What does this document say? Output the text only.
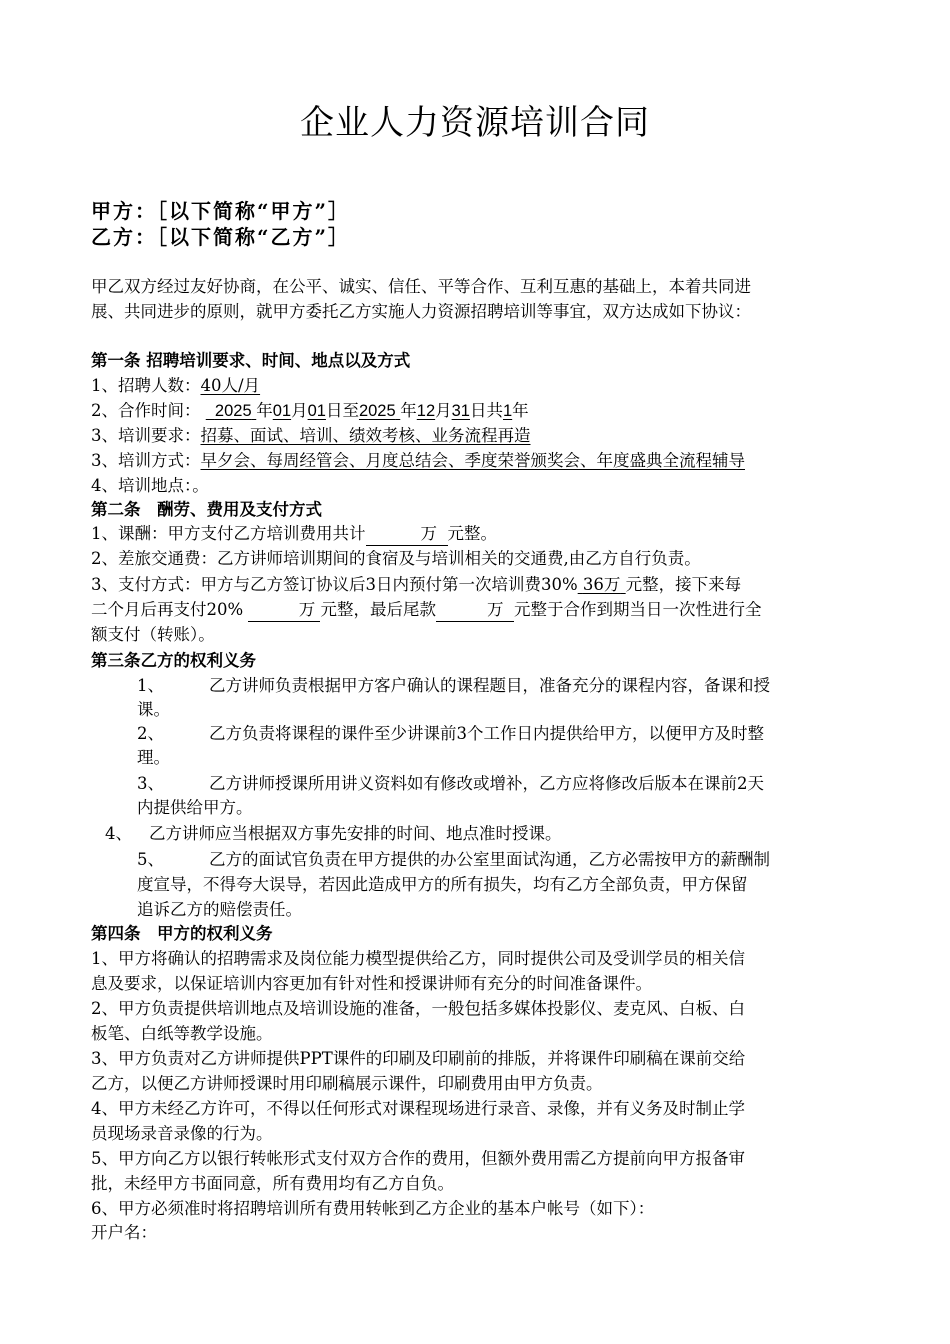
企业人力资源培训合同
甲方：［以下简称“甲方”］
乙方：［以下简称“乙方”］
甲乙双方经过友好协商，在公平、诚实、信任、平等合作、互利互惠的基础上，本着共同进
展、共同进步的原则，就甲方委托乙方实施人力资源招聘培训等事宜，双方达成如下协议：
第一条 招聘培训要求、时间、地点以及方式
1、招聘人数：40人/月
2、合作时间： 2025 年01月01日至2025 年12月31日共1年
3、培训要求：招募、面试、培训、绩效考核、业务流程再造
3、培训方式：早夕会、每周经管会、月度总结会、季度荣誉颁奖会、年度盛典全流程辅导
4、培训地点：。
第二条　酬劳、费用及支付方式
1、课酬：甲方支付乙方培训费用共计	万 元整。
2、差旅交通费：乙方讲师培训期间的食宿及与培训相关的交通费,由乙方自行负责。
3、支付方式：甲方与乙方签订协议后3日内预付第一次培训费30% 36万 元整，接下来每
二个月后再支付20%	万 元整，最后尾款	万 元整于合作到期当日一次性进行全
额支付（转账）。
第三条乙方的权利义务
1、	乙方讲师负责根据甲方客户确认的课程题目，准备充分的课程内容，备课和授
课。
2、	乙方负责将课程的课件至少讲课前3个工作日内提供给甲方，以便甲方及时整
理。
3、	乙方讲师授课所用讲义资料如有修改或增补，乙方应将修改后版本在课前2天
内提供给甲方。
4、 乙方讲师应当根据双方事先安排的时间、地点准时授课。
5、	乙方的面试官负责在甲方提供的办公室里面试沟通，乙方必需按甲方的薪酬制
度宣导，不得夸大误导，若因此造成甲方的所有损失，均有乙方全部负责，甲方保留
追诉乙方的赔偿责任。
第四条　甲方的权利义务
1、甲方将确认的招聘需求及岗位能力模型提供给乙方，同时提供公司及受训学员的相关信
息及要求，以保证培训内容更加有针对性和授课讲师有充分的时间准备课件。
2、甲方负责提供培训地点及培训设施的准备，一般包括多媒体投影仪、麦克风、白板、白
板笔、白纸等教学设施。
3、甲方负责对乙方讲师提供PPT课件的印刷及印刷前的排版，并将课件印刷稿在课前交给
乙方，以便乙方讲师授课时用印刷稿展示课件，印刷费用由甲方负责。
4、甲方未经乙方许可，不得以任何形式对课程现场进行录音、录像，并有义务及时制止学
员现场录音录像的行为。
5、甲方向乙方以银行转帐形式支付双方合作的费用，但额外费用需乙方提前向甲方报备审
批，未经甲方书面同意，所有费用均有乙方自负。
6、甲方必须准时将招聘培训所有费用转帐到乙方企业的基本户帐号（如下）：
开户名：
